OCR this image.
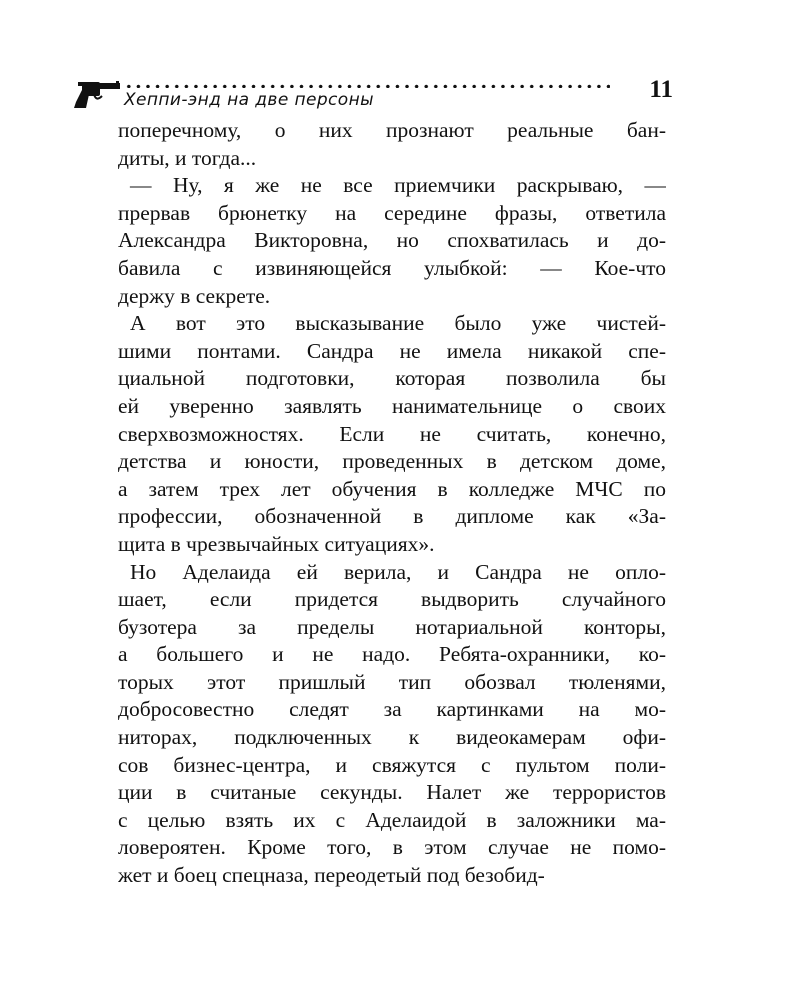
Хеппи-энд на две персоны	11
поперечному, о них прознают реальные бан-
диты, и тогда...
— Ну, я же не все приемчики раскрываю, —
прервав брюнетку на середине фразы, ответила
Александра Викторовна, но спохватилась и до-
бавила с извиняющейся улыбкой: — Кое-что
держу в секрете.
А вот это высказывание было уже чистей-
шими понтами. Сандра не имела никакой спе-
циальной подготовки, которая позволила бы
ей уверенно заявлять нанимательнице о своих
сверхвозможностях. Если не считать, конечно,
детства и юности, проведенных в детском доме,
а затем трех лет обучения в колледже МЧС по
профессии, обозначенной в дипломе как «За-
щита в чрезвычайных ситуациях».
Но Аделаида ей верила, и Сандра не опло-
шает, если придется выдворить случайного
бузотера за пределы нотариальной конторы,
а большего и не надо. Ребята-охранники, ко-
торых этот пришлый тип обозвал тюленями,
добросовестно следят за картинками на мо-
ниторах, подключенных к видеокамерам офи-
сов бизнес-центра, и свяжутся с пультом поли-
ции в считаные секунды. Налет же террористов
с целью взять их с Аделаидой в заложники ма-
ловероятен. Кроме того, в этом случае не помо-
жет и боец спецназа, переодетый под безобид-
